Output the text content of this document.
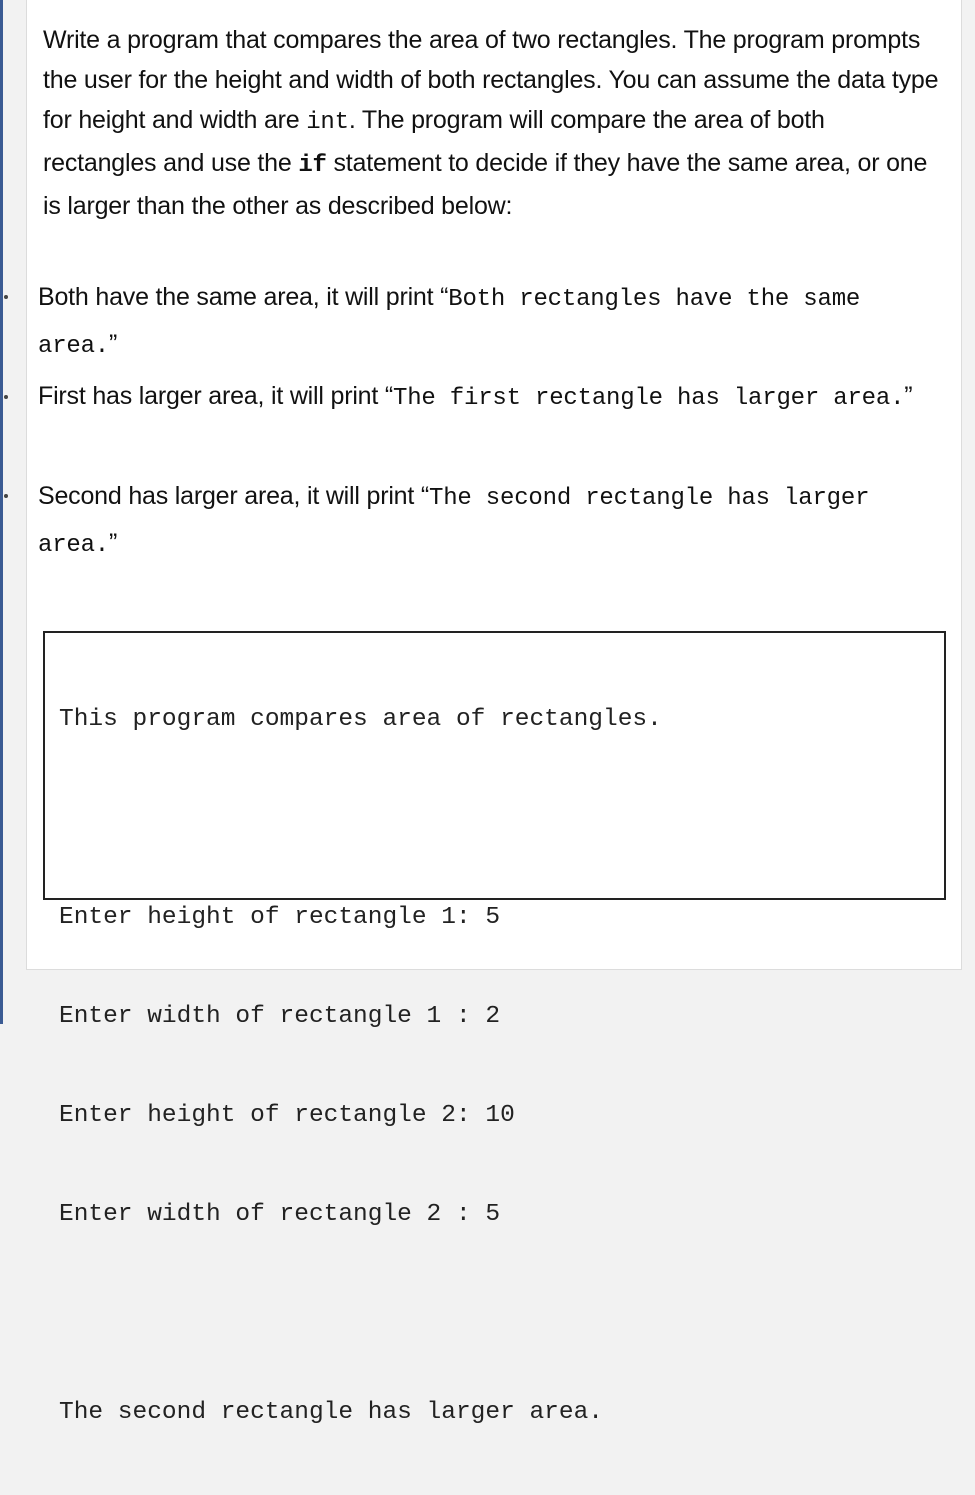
Write a program that compares the area of two rectangles. The program prompts the user for the height and width of both rectangles. You can assume the data type for height and width are int. The program will compare the area of both rectangles and use the if statement to decide if they have the same area, or one is larger than the other as described below:

Both have the same area, it will print “Both rectangles have the same area.”

First has larger area, it will print “The first rectangle has larger area.”

Second has larger area, it will print “The second rectangle has larger area.”

This program compares area of rectangles.

Enter height of rectangle 1: 5

Enter width of rectangle 1 : 2

Enter height of rectangle 2: 10

Enter width of rectangle 2 : 5

The second rectangle has larger area.
